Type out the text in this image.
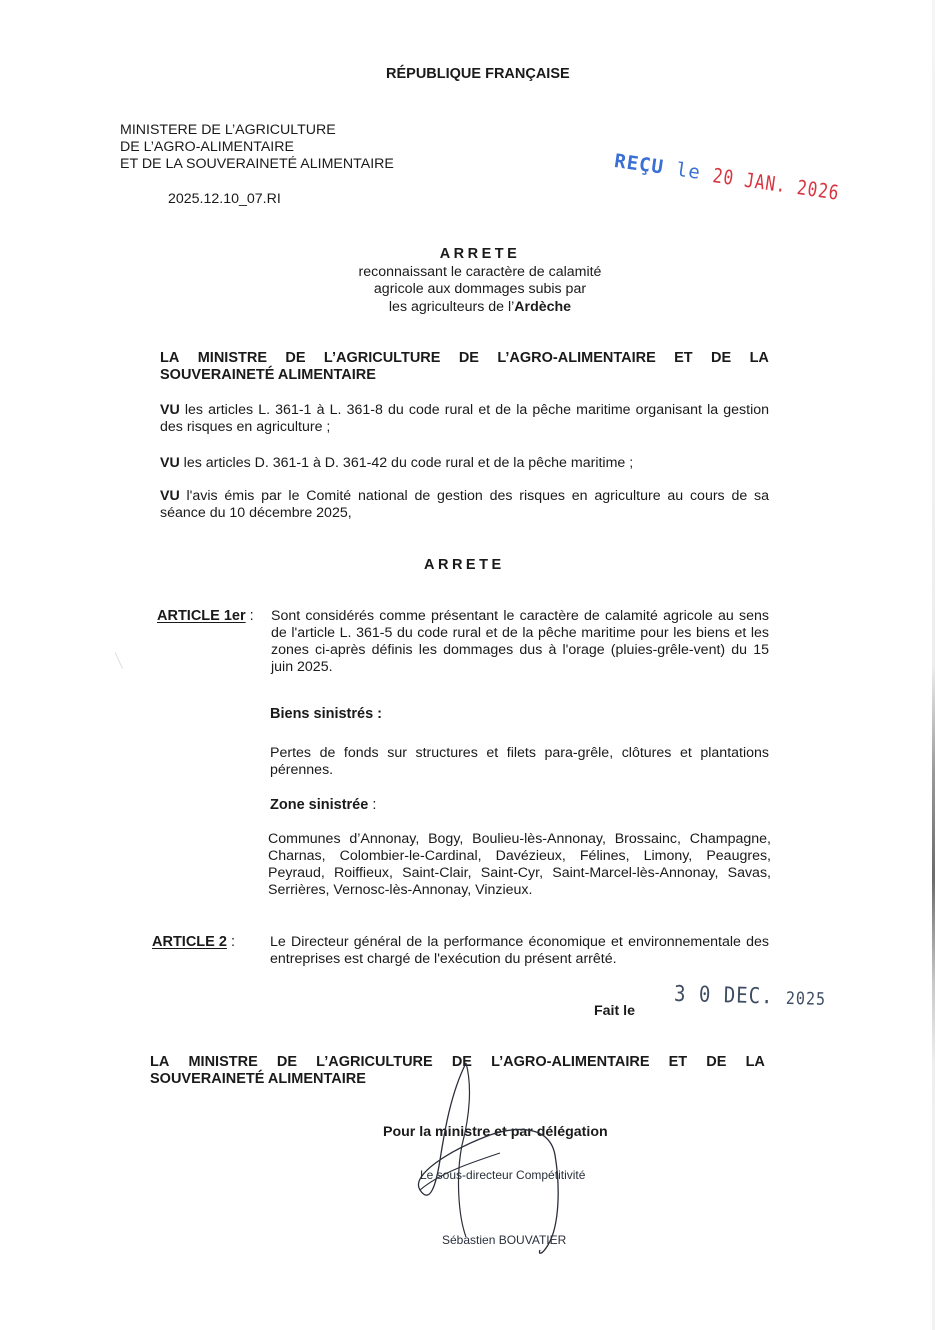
RÉPUBLIQUE FRANÇAISE
MINISTERE DE L’AGRICULTURE
DE L’AGRO-ALIMENTAIRE
ET DE LA SOUVERAINETÉ ALIMENTAIRE
2025.12.10_07.RI
REÇU le 20 JAN. 2026
ARRETE
reconnaissant le caractère de calamité
agricole aux dommages subis par
les agriculteurs de l’Ardèche
LA MINISTRE DE L’AGRICULTURE DE L’AGRO-ALIMENTAIRE ET DE LA
SOUVERAINETÉ ALIMENTAIRE
VU les articles L. 361-1 à L. 361-8 du code rural et de la pêche maritime organisant la gestion des risques en agriculture ;
VU les articles D. 361-1 à D. 361-42 du code rural et de la pêche maritime ;
VU l'avis émis par le Comité national de gestion des risques en agriculture au cours de sa séance du 10 décembre 2025,
ARRETE
ARTICLE 1er : Sont considérés comme présentant le caractère de calamité agricole au sens de l'article L. 361-5 du code rural et de la pêche maritime pour les biens et les zones ci-après définis les dommages dus à l'orage (pluies-grêle-vent) du 15 juin 2025.
Biens sinistrés :
Pertes de fonds sur structures et filets para-grêle, clôtures et plantations pérennes.
Zone sinistrée :
Communes d’Annonay, Bogy, Boulieu-lès-Annonay, Brossainc, Champagne, Charnas, Colombier-le-Cardinal, Davézieux, Félines, Limony, Peaugres, Peyraud, Roiffieux, Saint-Clair, Saint-Cyr, Saint-Marcel-lès-Annonay, Savas, Serrières, Vernosc-lès-Annonay, Vinzieux.
ARTICLE 2 : Le Directeur général de la performance économique et environnementale des entreprises est chargé de l'exécution du présent arrêté.
3 0 DEC. 2025
Fait le
LA MINISTRE DE L’AGRICULTURE DE L’AGRO-ALIMENTAIRE ET DE LA
SOUVERAINETÉ ALIMENTAIRE
Pour la ministre et par délégation
Le sous-directeur Compétitivité
Sébastien BOUVATIER
